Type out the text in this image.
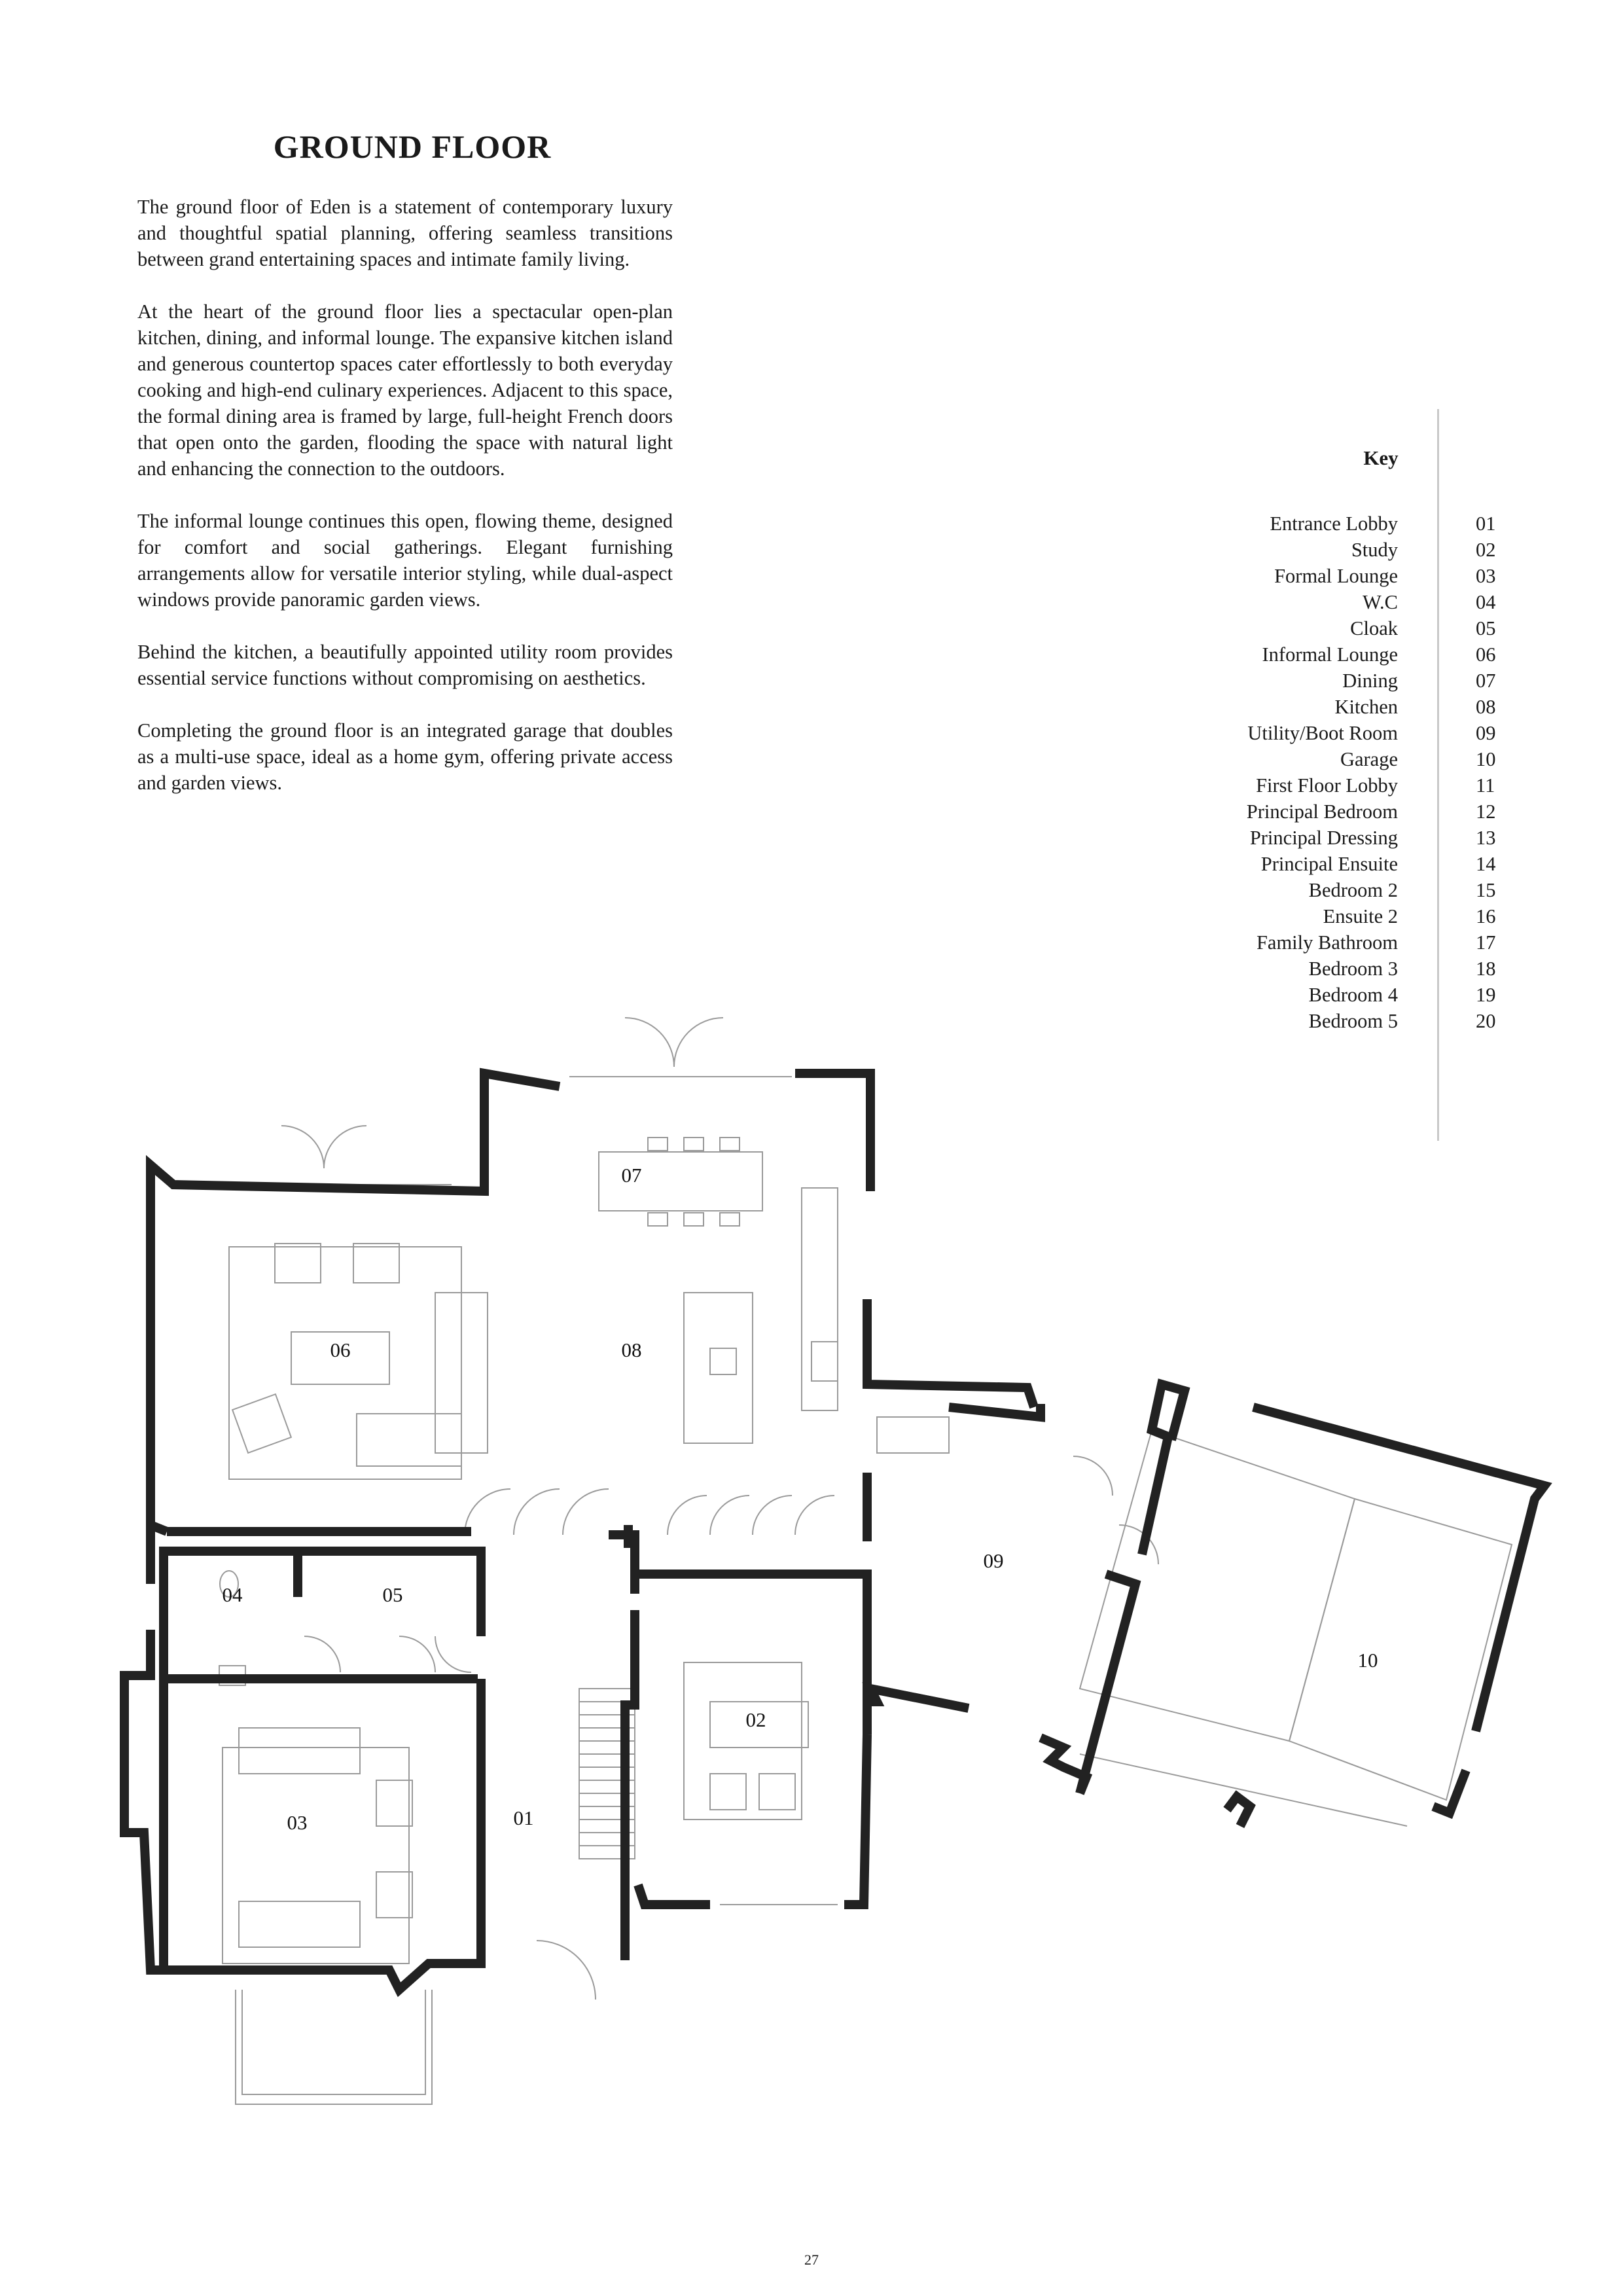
GROUND FLOOR

The ground floor of Eden is a statement of contemporary luxury and thoughtful spatial planning, offering seamless transitions between grand entertaining spaces and intimate family living.

At the heart of the ground floor lies a spectacular open-plan kitchen, dining, and informal lounge. The expansive kitchen island and generous countertop spaces cater effortlessly to both everyday cooking and high-end culinary experiences. Adjacent to this space, the formal dining area is framed by large, full-height French doors that open onto the garden, flooding the space with natural light and enhancing the connection to the outdoors.

The informal lounge continues this open, flowing theme, designed for comfort and social gatherings. Elegant furnishing arrangements allow for versatile interior styling, while dual-aspect windows provide panoramic garden views.

Behind the kitchen, a beautifully appointed utility room provides essential service functions without compromising on aesthetics.

Completing the ground floor is an integrated garage that doubles as a multi-use space, ideal as a home gym, offering private access and garden views.

Key
Entrance Lobby	01
Study	02
Formal Lounge	03
W.C	04
Cloak	05
Informal Lounge	06
Dining	07
Kitchen	08
Utility/Boot Room	09
Garage	10
First Floor Lobby	11
Principal Bedroom	12
Principal Dressing	13
Principal Ensuite	14
Bedroom 2	15
Ensuite 2	16
Family Bathroom	17
Bedroom 3	18
Bedroom 4	19
Bedroom 5	20
01
02
03
04	05
06
07
08
09
10
27
